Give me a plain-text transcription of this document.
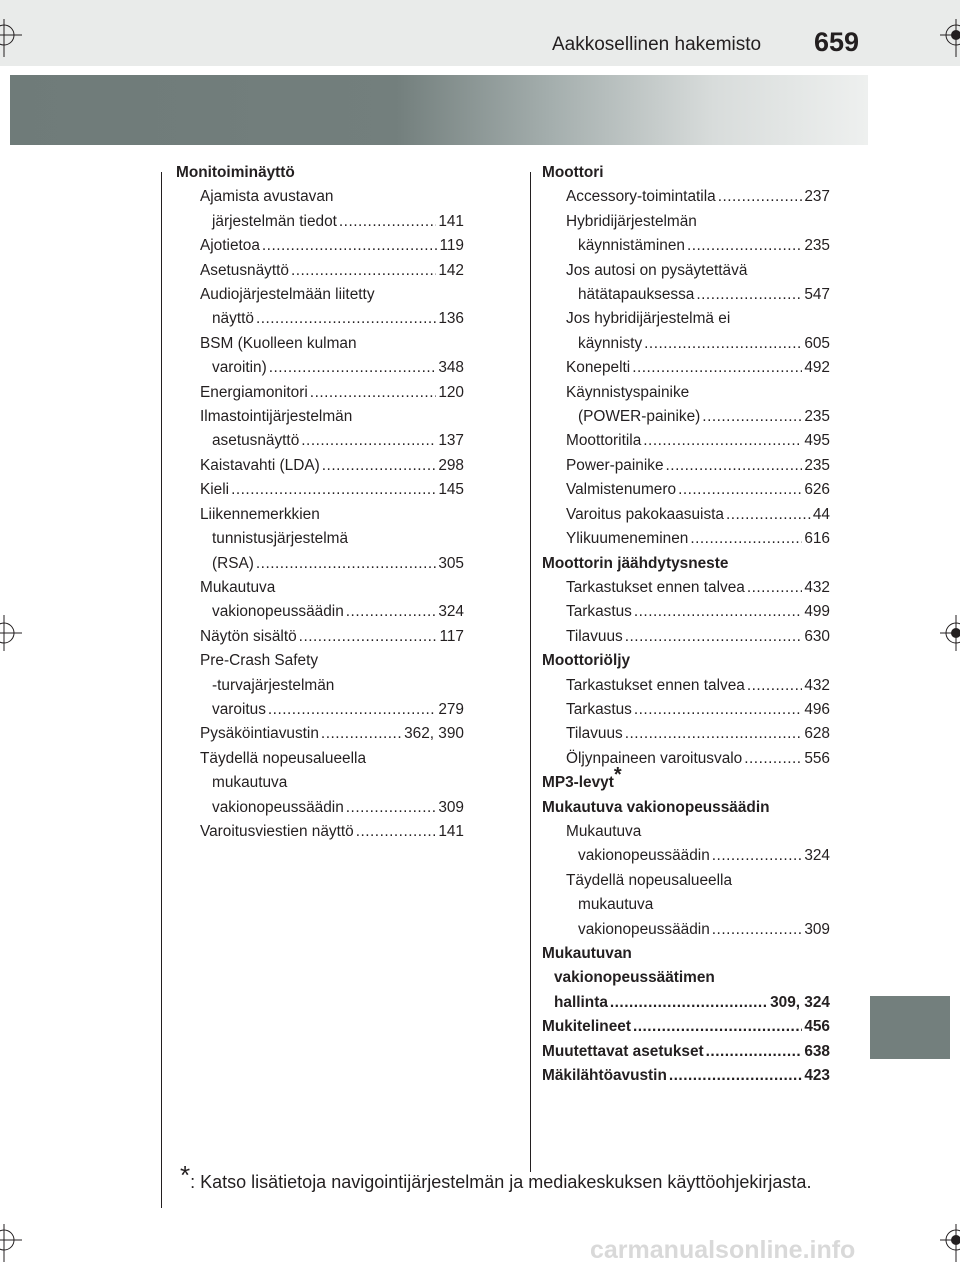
Aakkosellinen hakemisto 659
Monitoiminäyttö
Ajamista avustavan
järjestelmän tiedot .....	141
Ajotietoa .....	119
Asetusnäyttö .....	142
Audiojärjestelmään liitetty
näyttö .....	136
BSM (Kuolleen kulman
varoitin) .....	348
Energiamonitori .....	120
Ilmastointijärjestelmän
asetusnäyttö .....	137
Kaistavahti (LDA) .....	298
Kieli .....	145
Liikennemerkkien
tunnistusjärjestelmä
(RSA) .....	305
Mukautuva
vakionopeussäädin .....	324
Näytön sisältö .....	117
Pre-Crash Safety
-turvajärjestelmän
varoitus .....	279
Pysäköintiavustin .....	362, 390
Täydellä nopeusalueella
mukautuva
vakionopeussäädin .....	309
Varoitusviestien näyttö .....	141
Moottori
Accessory-toimintatila .....	237
Hybridijärjestelmän
käynnistäminen .....	235
Jos autosi on pysäytettävä
hätätapauksessa .....	547
Jos hybridijärjestelmä ei
käynnisty .....	605
Konepelti .....	492
Käynnistyspainike
(POWER-painike) .....	235
Moottoritila .....	495
Power-painike .....	235
Valmistenumero .....	626
Varoitus pakokaasuista .....	44
Ylikuumeneminen .....	616
Moottorin jäähdytysneste
Tarkastukset ennen talvea .....	432
Tarkastus .....	499
Tilavuus .....	630
Moottoriöljy
Tarkastukset ennen talvea .....	432
Tarkastus .....	496
Tilavuus .....	628
Öljynpaineen varoitusvalo .....	556
MP3-levyt*
Mukautuva vakionopeussäädin
Mukautuva
vakionopeussäädin .....	324
Täydellä nopeusalueella
mukautuva
vakionopeussäädin .....	309
Mukautuvan
vakionopeussäätimen
hallinta .....	309, 324
Mukitelineet .....	456
Muutettavat asetukset .....	638
Mäkilähtöavustin .....	423
*: Katso lisätietoja navigointijärjestelmän ja mediakeskuksen käyttöohjekirjasta.
carmanualsonline.info
